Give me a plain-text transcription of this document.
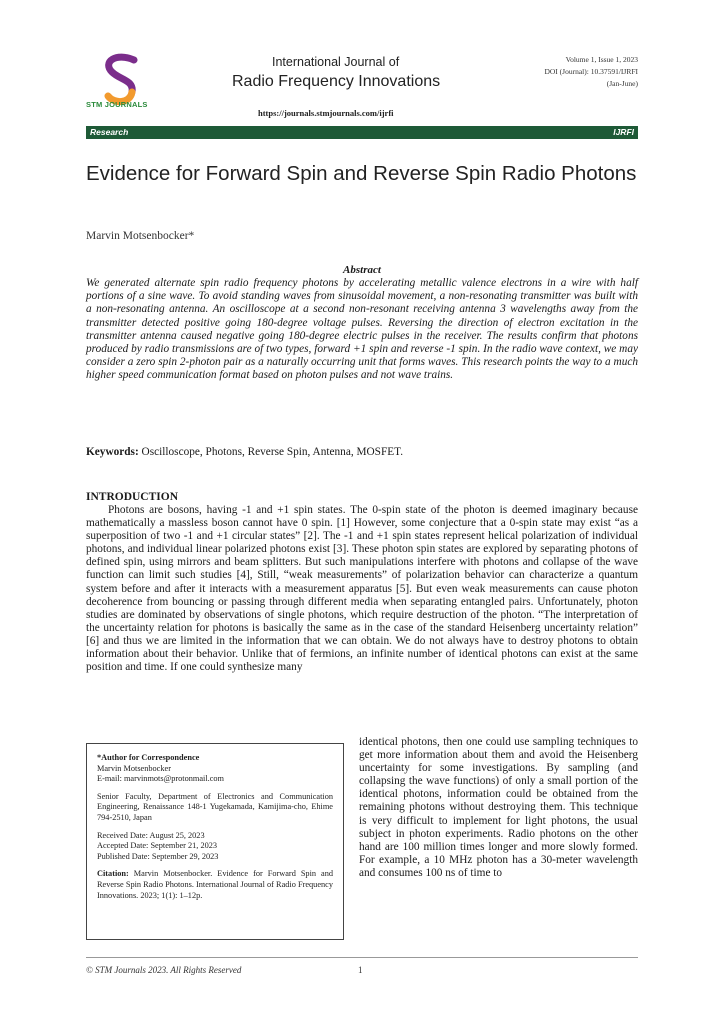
STM JOURNALS
International Journal of
Radio Frequency Innovations
https://journals.stmjournals.com/ijrfi
Volume 1, Issue 1, 2023
DOI (Journal): 10.37591/IJRFI
(Jan-June)
Research	IJRFI
Evidence for Forward Spin and Reverse Spin Radio Photons
Marvin Motsenbocker*
Abstract

We generated alternate spin radio frequency photons by accelerating metallic valence electrons in a wire with half portions of a sine wave. To avoid standing waves from sinusoidal movement, a non-resonating transmitter was built with a non-resonating antenna. An oscilloscope at a second non-resonant receiving antenna 3 wavelengths away from the transmitter detected positive going 180-degree voltage pulses. Reversing the direction of electron excitation in the transmitter antenna caused negative going 180-degree electric pulses in the receiver. The results confirm that photons produced by radio transmissions are of two types, forward +1 spin and reverse -1 spin. In the radio wave context, we may consider a zero spin 2-photon pair as a naturally occurring unit that forms waves. This research points the way to a much higher speed communication format based on photon pulses and not wave trains.

Keywords: Oscilloscope, Photons, Reverse Spin, Antenna, MOSFET.

INTRODUCTION

Photons are bosons, having -1 and +1 spin states. The 0-spin state of the photon is deemed imaginary because mathematically a massless boson cannot have 0 spin. [1] However, some conjecture that a 0-spin state may exist “as a superposition of two -1 and +1 circular states” [2]. The -1 and +1 spin states represent helical polarization of individual photons, and individual linear polarized photons exist [3]. These photon spin states are explored by separating photons of defined spin, using mirrors and beam splitters. But such manipulations interfere with photons and collapse of the wave function can limit such studies [4], Still, “weak measurements” of polarization behavior can characterize a quantum system before and after it interacts with a measurement apparatus [5]. But even weak measurements can cause photon decoherence from bouncing or passing through different media when separating entangled pairs. Unfortunately, photon studies are dominated by observations of single photons, which require destruction of the photon. “The interpretation of the uncertainty relation for photons is basically the same as in the case of the standard Heisenberg uncertainty relation” [6] and thus we are limited in the information that we can obtain. We do not always have to destroy photons to obtain information about their behavior. Unlike that of fermions, an infinite number of identical photons can exist at the same position and time. If one could synthesize many

identical photons, then one could use sampling techniques to get more information about them and avoid the Heisenberg uncertainty for some investigations. By sampling (and collapsing the wave functions) of only a small portion of the identical photons, information could be obtained from the remaining photons without destroying them. This technique is very difficult to implement for light photons, the usual subject in photon experiments. Radio photons on the other hand are 100 million times longer and more slowly formed. For example, a 10 MHz photon has a 30-meter wavelength and consumes 100 ns of time to

*Author for Correspondence
Marvin Motsenbocker
E-mail: marvinmots@protonmail.com

Senior Faculty, Department of Electronics and Communication Engineering, Renaissance 148-1 Yugekamada, Kamijima-cho, Ehime 794-2510, Japan

Received Date: August 25, 2023
Accepted Date: September 21, 2023
Published Date: September 29, 2023

Citation: Marvin Motsenbocker. Evidence for Forward Spin and Reverse Spin Radio Photons. International Journal of Radio Frequency Innovations. 2023; 1(1): 1–12p.

© STM Journals 2023. All Rights Reserved	1
